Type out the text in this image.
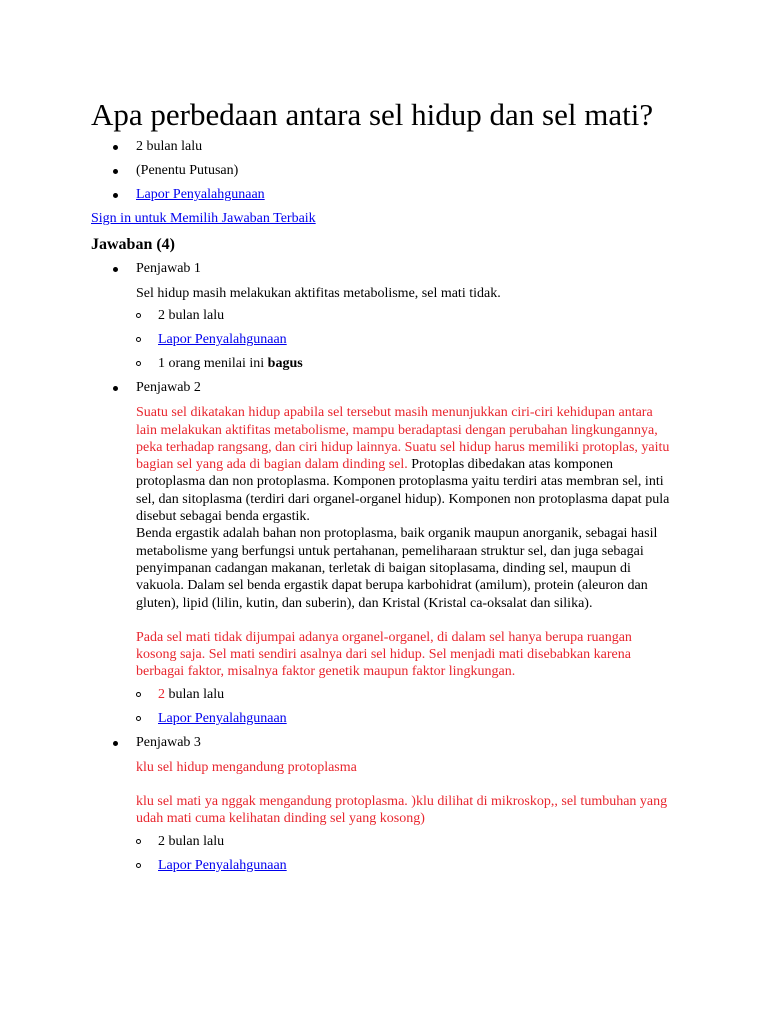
Apa perbedaan antara sel hidup dan sel mati?
2 bulan lalu
(Penentu Putusan)
Lapor Penyalahgunaan
Sign in untuk Memilih Jawaban Terbaik
Jawaban (4)
Penjawab 1
Sel hidup masih melakukan aktifitas metabolisme, sel mati tidak.
2 bulan lalu
Lapor Penyalahgunaan
1 orang menilai ini bagus
Penjawab 2
Suatu sel dikatakan hidup apabila sel tersebut masih menunjukkan ciri-ciri kehidupan antara lain melakukan aktifitas metabolisme, mampu beradaptasi dengan perubahan lingkungannya, peka terhadap rangsang, dan ciri hidup lainnya. Suatu sel hidup harus memiliki protoplas, yaitu bagian sel yang ada di bagian dalam dinding sel. Protoplas dibedakan atas komponen protoplasma dan non protoplasma. Komponen protoplasma yaitu terdiri atas membran sel, inti sel, dan sitoplasma (terdiri dari organel-organel hidup). Komponen non protoplasma dapat pula disebut sebagai benda ergastik.
Benda ergastik adalah bahan non protoplasma, baik organik maupun anorganik, sebagai hasil metabolisme yang berfungsi untuk pertahanan, pemeliharaan struktur sel, dan juga sebagai penyimpanan cadangan makanan, terletak di baigan sitoplasama, dinding sel, maupun di vakuola. Dalam sel benda ergastik dapat berupa karbohidrat (amilum), protein (aleuron dan gluten), lipid (lilin, kutin, dan suberin), dan Kristal (Kristal ca-oksalat dan silika).
Pada sel mati tidak dijumpai adanya organel-organel, di dalam sel hanya berupa ruangan kosong saja. Sel mati sendiri asalnya dari sel hidup. Sel menjadi mati disebabkan karena berbagai faktor, misalnya faktor genetik maupun faktor lingkungan.
2 bulan lalu
Lapor Penyalahgunaan
Penjawab 3
klu sel hidup mengandung protoplasma
klu sel mati ya nggak mengandung protoplasma. )klu dilihat di mikroskop,, sel tumbuhan yang udah mati cuma kelihatan dinding sel yang kosong)
2 bulan lalu
Lapor Penyalahgunaan
